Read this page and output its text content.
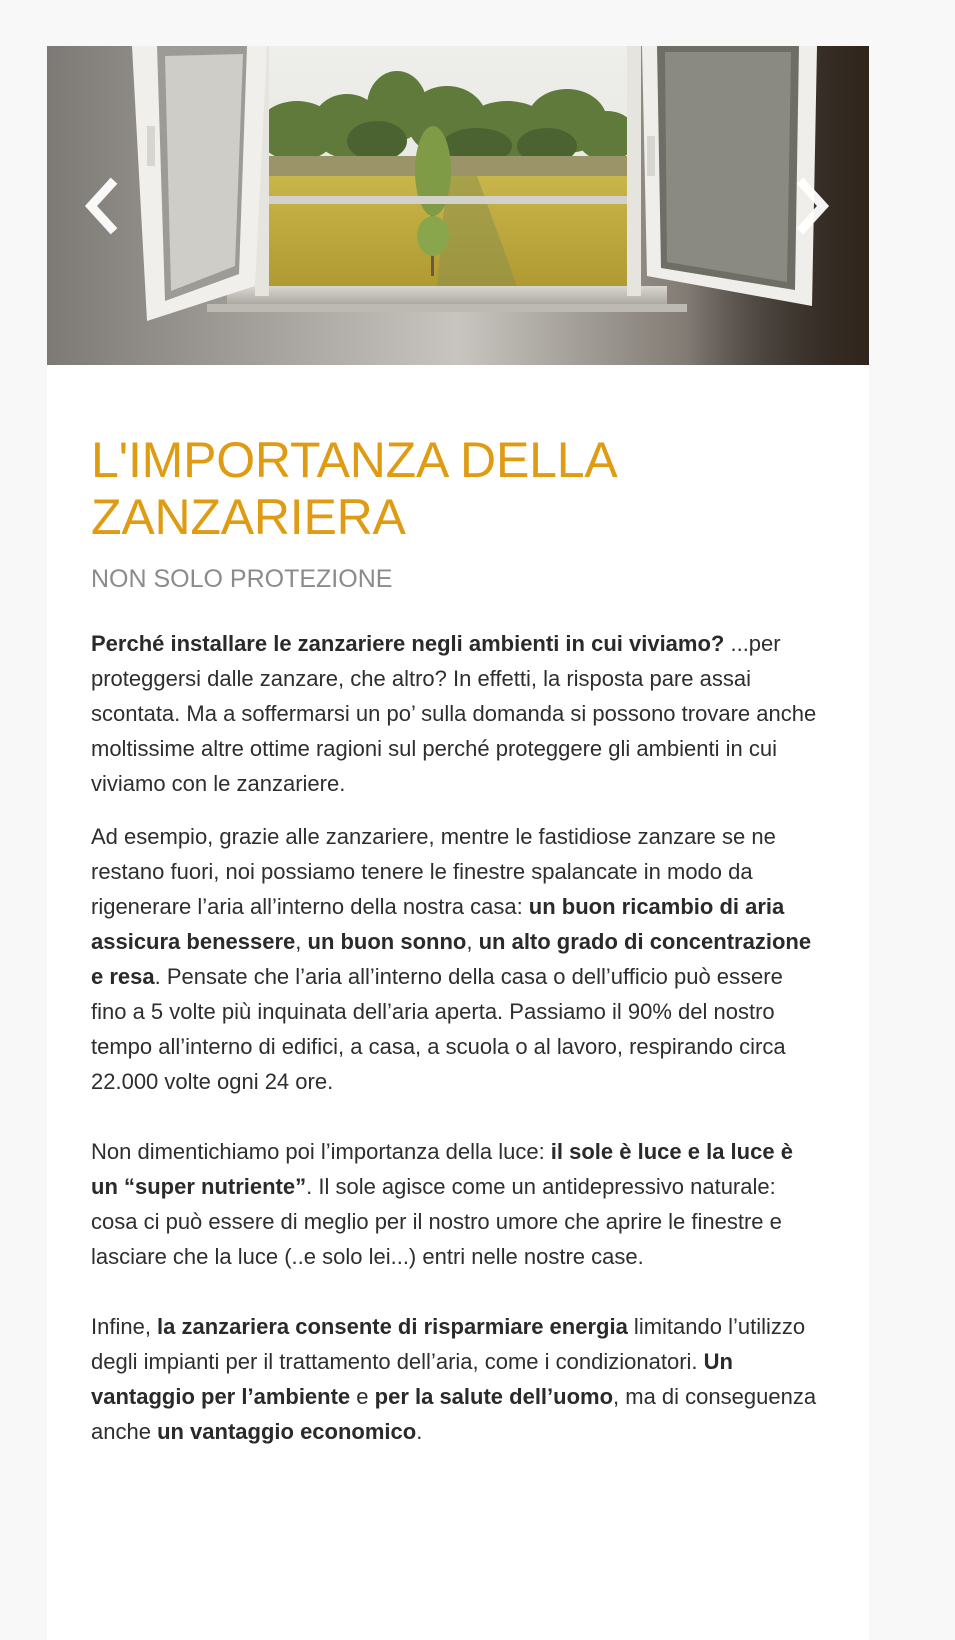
L'IMPORTANZA DELLA ZANZARIERA
NON SOLO PROTEZIONE

Perché installare le zanzariere negli ambienti in cui viviamo? ...per proteggersi dalle zanzare, che altro? In effetti, la risposta pare assai scontata. Ma a soffermarsi un po’ sulla domanda si possono trovare anche moltissime altre ottime ragioni sul perché proteggere gli ambienti in cui viviamo con le zanzariere.

Ad esempio, grazie alle zanzariere, mentre le fastidiose zanzare se ne restano fuori, noi possiamo tenere le finestre spalancate in modo da rigenerare l’aria all’interno della nostra casa: un buon ricambio di aria assicura benessere, un buon sonno, un alto grado di concentrazione e resa. Pensate che l’aria all’interno della casa o dell’ufficio può essere fino a 5 volte più inquinata dell’aria aperta. Passiamo il 90% del nostro tempo all’interno di edifici, a casa, a scuola o al lavoro, respirando circa 22.000 volte ogni 24 ore.

Non dimentichiamo poi l’importanza della luce: il sole è luce e la luce è un “super nutriente”. Il sole agisce come un antidepressivo naturale: cosa ci può essere di meglio per il nostro umore che aprire le finestre e lasciare che la luce (..e solo lei...) entri nelle nostre case.

Infine, la zanzariera consente di risparmiare energia limitando l’utilizzo degli impianti per il trattamento dell’aria, come i condizionatori. Un vantaggio per l’ambiente e per la salute dell’uomo, ma di conseguenza anche un vantaggio economico.
